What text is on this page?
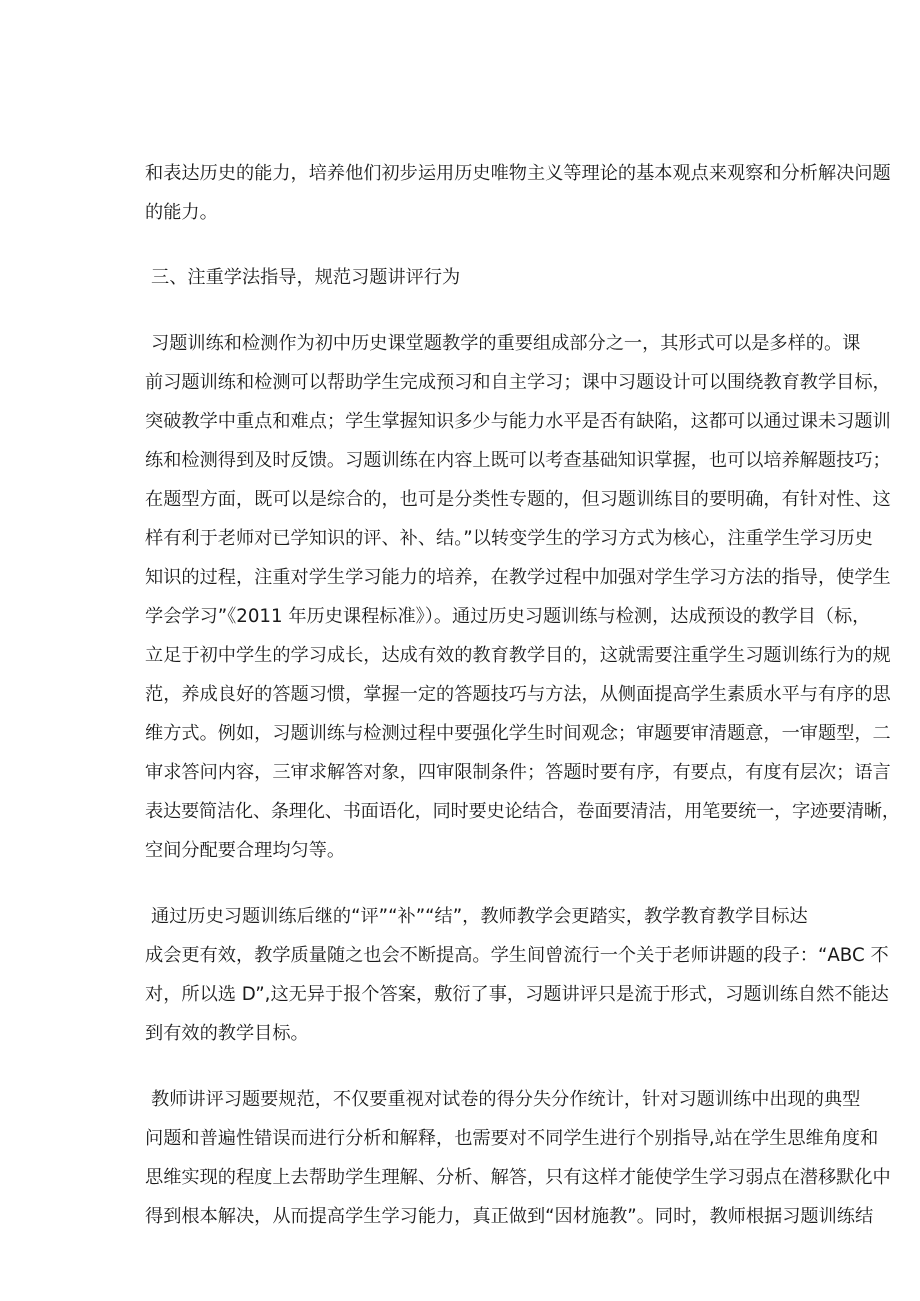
和表达历史的能力，培养他们初步运用历史唯物主义等理论的基本观点来观察和分析解决问题

的能力。

三、注重学法指导，规范习题讲评行为

习题训练和检测作为初中历史课堂题教学的重要组成部分之一，其形式可以是多样的。课

前习题训练和检测可以帮助学生完成预习和自主学习；课中习题设计可以围绕教育教学目标，

突破教学中重点和难点；学生掌握知识多少与能力水平是否有缺陷，这都可以通过课未习题训

练和检测得到及时反馈。习题训练在内容上既可以考查基础知识掌握，也可以培养解题技巧；

在题型方面，既可以是综合的，也可是分类性专题的，但习题训练目的要明确，有针对性、这

样有利于老师对已学知识的评、补、结。”以转变学生的学习方式为核心，注重学生学习历史

知识的过程，注重对学生学习能力的培养，在教学过程中加强对学生学习方法的指导，使学生

学会学习”《2011 年历史课程标准》）。通过历史习题训练与检测，达成预设的教学目（标，

立足于初中学生的学习成长，达成有效的教育教学目的，这就需要注重学生习题训练行为的规

范，养成良好的答题习惯，掌握一定的答题技巧与方法，从侧面提高学生素质水平与有序的思

维方式。例如，习题训练与检测过程中要强化学生时间观念；审题要审清题意，一审题型，二

审求答问内容，三审求解答对象，四审限制条件；答题时要有序，有要点，有度有层次；语言

表达要简洁化、条理化、书面语化，同时要史论结合，卷面要清洁，用笔要统一，字迹要清晰，

空间分配要合理均匀等。

通过历史习题训练后继的“评”“补”“结”，教师教学会更踏实，教学教育教学目标达

成会更有效，教学质量随之也会不断提高。学生间曾流行一个关于老师讲题的段子：“ABC 不

对，所以选 D”,这无异于报个答案，敷衍了事，习题讲评只是流于形式，习题训练自然不能达

到有效的教学目标。

教师讲评习题要规范，不仅要重视对试卷的得分失分作统计，针对习题训练中出现的典型

问题和普遍性错误而进行分析和解释，也需要对不同学生进行个别指导,站在学生思维角度和

思维实现的程度上去帮助学生理解、分析、解答，只有这样才能使学生学习弱点在潜移默化中

得到根本解决，从而提高学生学习能力，真正做到“因材施教”。同时，教师根据习题训练结
